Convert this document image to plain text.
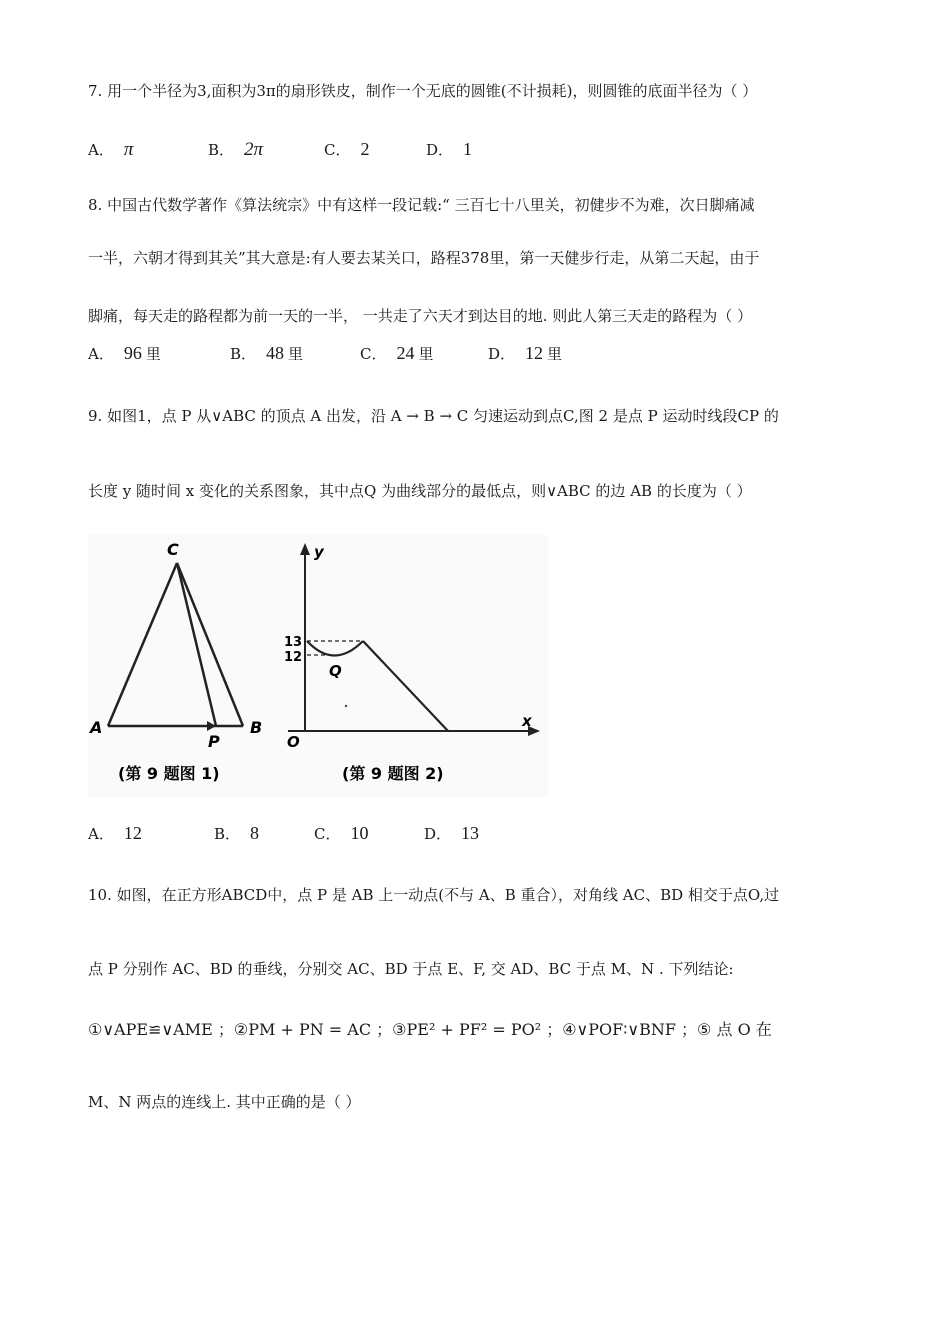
7. 用一个半径为3,面积为3π的扇形铁皮，制作一个无底的圆锥(不计损耗)，则圆锥的底面半径为（ ）
A． π	B． 2π	C． 2	D． 1
8. 中国古代数学著作《算法统宗》中有这样一段记载:“ 三百七十八里关，初健步不为难，次日脚痛减
一半，六朝才得到其关”其大意是:有人要去某关口，路程378里，第一天健步行走，从第二天起，由于
脚痛，每天走的路程都为前一天的一半， 一共走了六天才到达目的地. 则此人第三天走的路程为（ ）
A． 96 里	B． 48 里	C． 24 里	D． 12 里
9. 如图1，点 P 从∨ABC 的顶点 A 出发，沿 A → B → C 匀速运动到点C,图 2 是点 P 运动时线段CP 的
长度 y 随时间 x 变化的关系图象，其中点Q 为曲线部分的最低点，则∨ABC 的边 AB 的长度为（ ）
C
A	B
P
(第 9 题图 1)
y
x
O
Q
13
12
(第 9 题图 2)
A． 12	B． 8	C． 10	D． 13
10. 如图，在正方形ABCD中，点 P 是 AB 上一动点(不与 A、B 重合），对角线 AC、BD 相交于点O,过
点 P 分别作 AC、BD 的垂线，分别交 AC、BD 于点 E、F, 交 AD、BC 于点 M、N . 下列结论:
①∨APE≌∨AME ；②PM + PN = AC ；③PE² + PF² = PO² ；④∨POF∶∨BNF ；⑤ 点 O 在
M、N 两点的连线上. 其中正确的是（ ）
